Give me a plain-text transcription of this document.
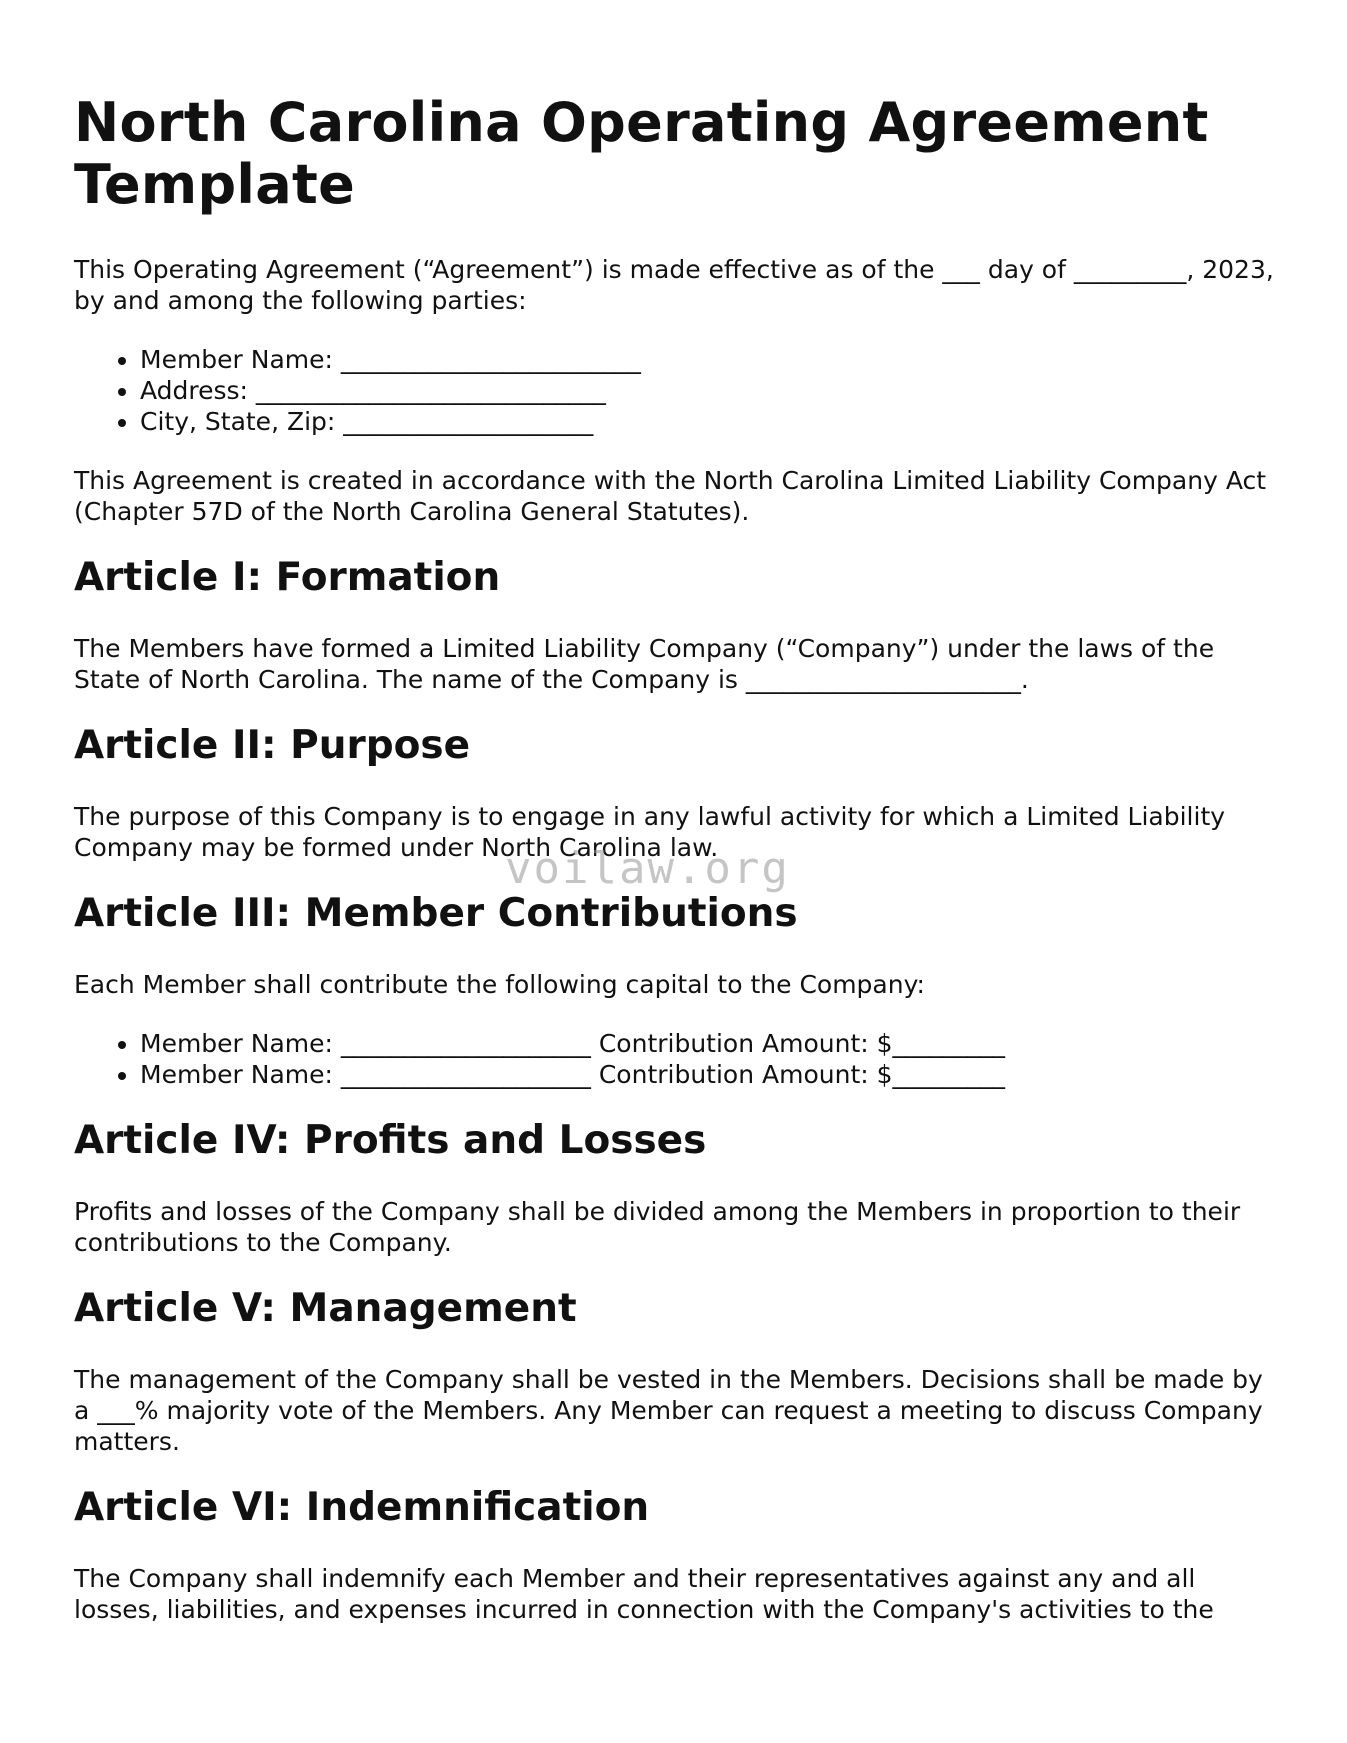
North Carolina Operating Agreement Template

This Operating Agreement (“Agreement”) is made effective as of the ___ day of _________, 2023, by and among the following parties:

• Member Name: ________________________
• Address: ____________________________
• City, State, Zip: ____________________

This Agreement is created in accordance with the North Carolina Limited Liability Company Act (Chapter 57D of the North Carolina General Statutes).

Article I: Formation

The Members have formed a Limited Liability Company (“Company”) under the laws of the State of North Carolina. The name of the Company is ______________________.

Article II: Purpose

The purpose of this Company is to engage in any lawful activity for which a Limited Liability Company may be formed under North Carolina law.

Article III: Member Contributions

Each Member shall contribute the following capital to the Company:

• Member Name: ____________________ Contribution Amount: $_________
• Member Name: ____________________ Contribution Amount: $_________
Article IV: Profits and Losses

Profits and losses of the Company shall be divided among the Members in proportion to their contributions to the Company.

Article V: Management

The management of the Company shall be vested in the Members. Decisions shall be made by a ___% majority vote of the Members. Any Member can request a meeting to discuss Company matters.

Article VI: Indemnification

The Company shall indemnify each Member and their representatives against any and all losses, liabilities, and expenses incurred in connection with the Company's activities to the

voilaw.org
